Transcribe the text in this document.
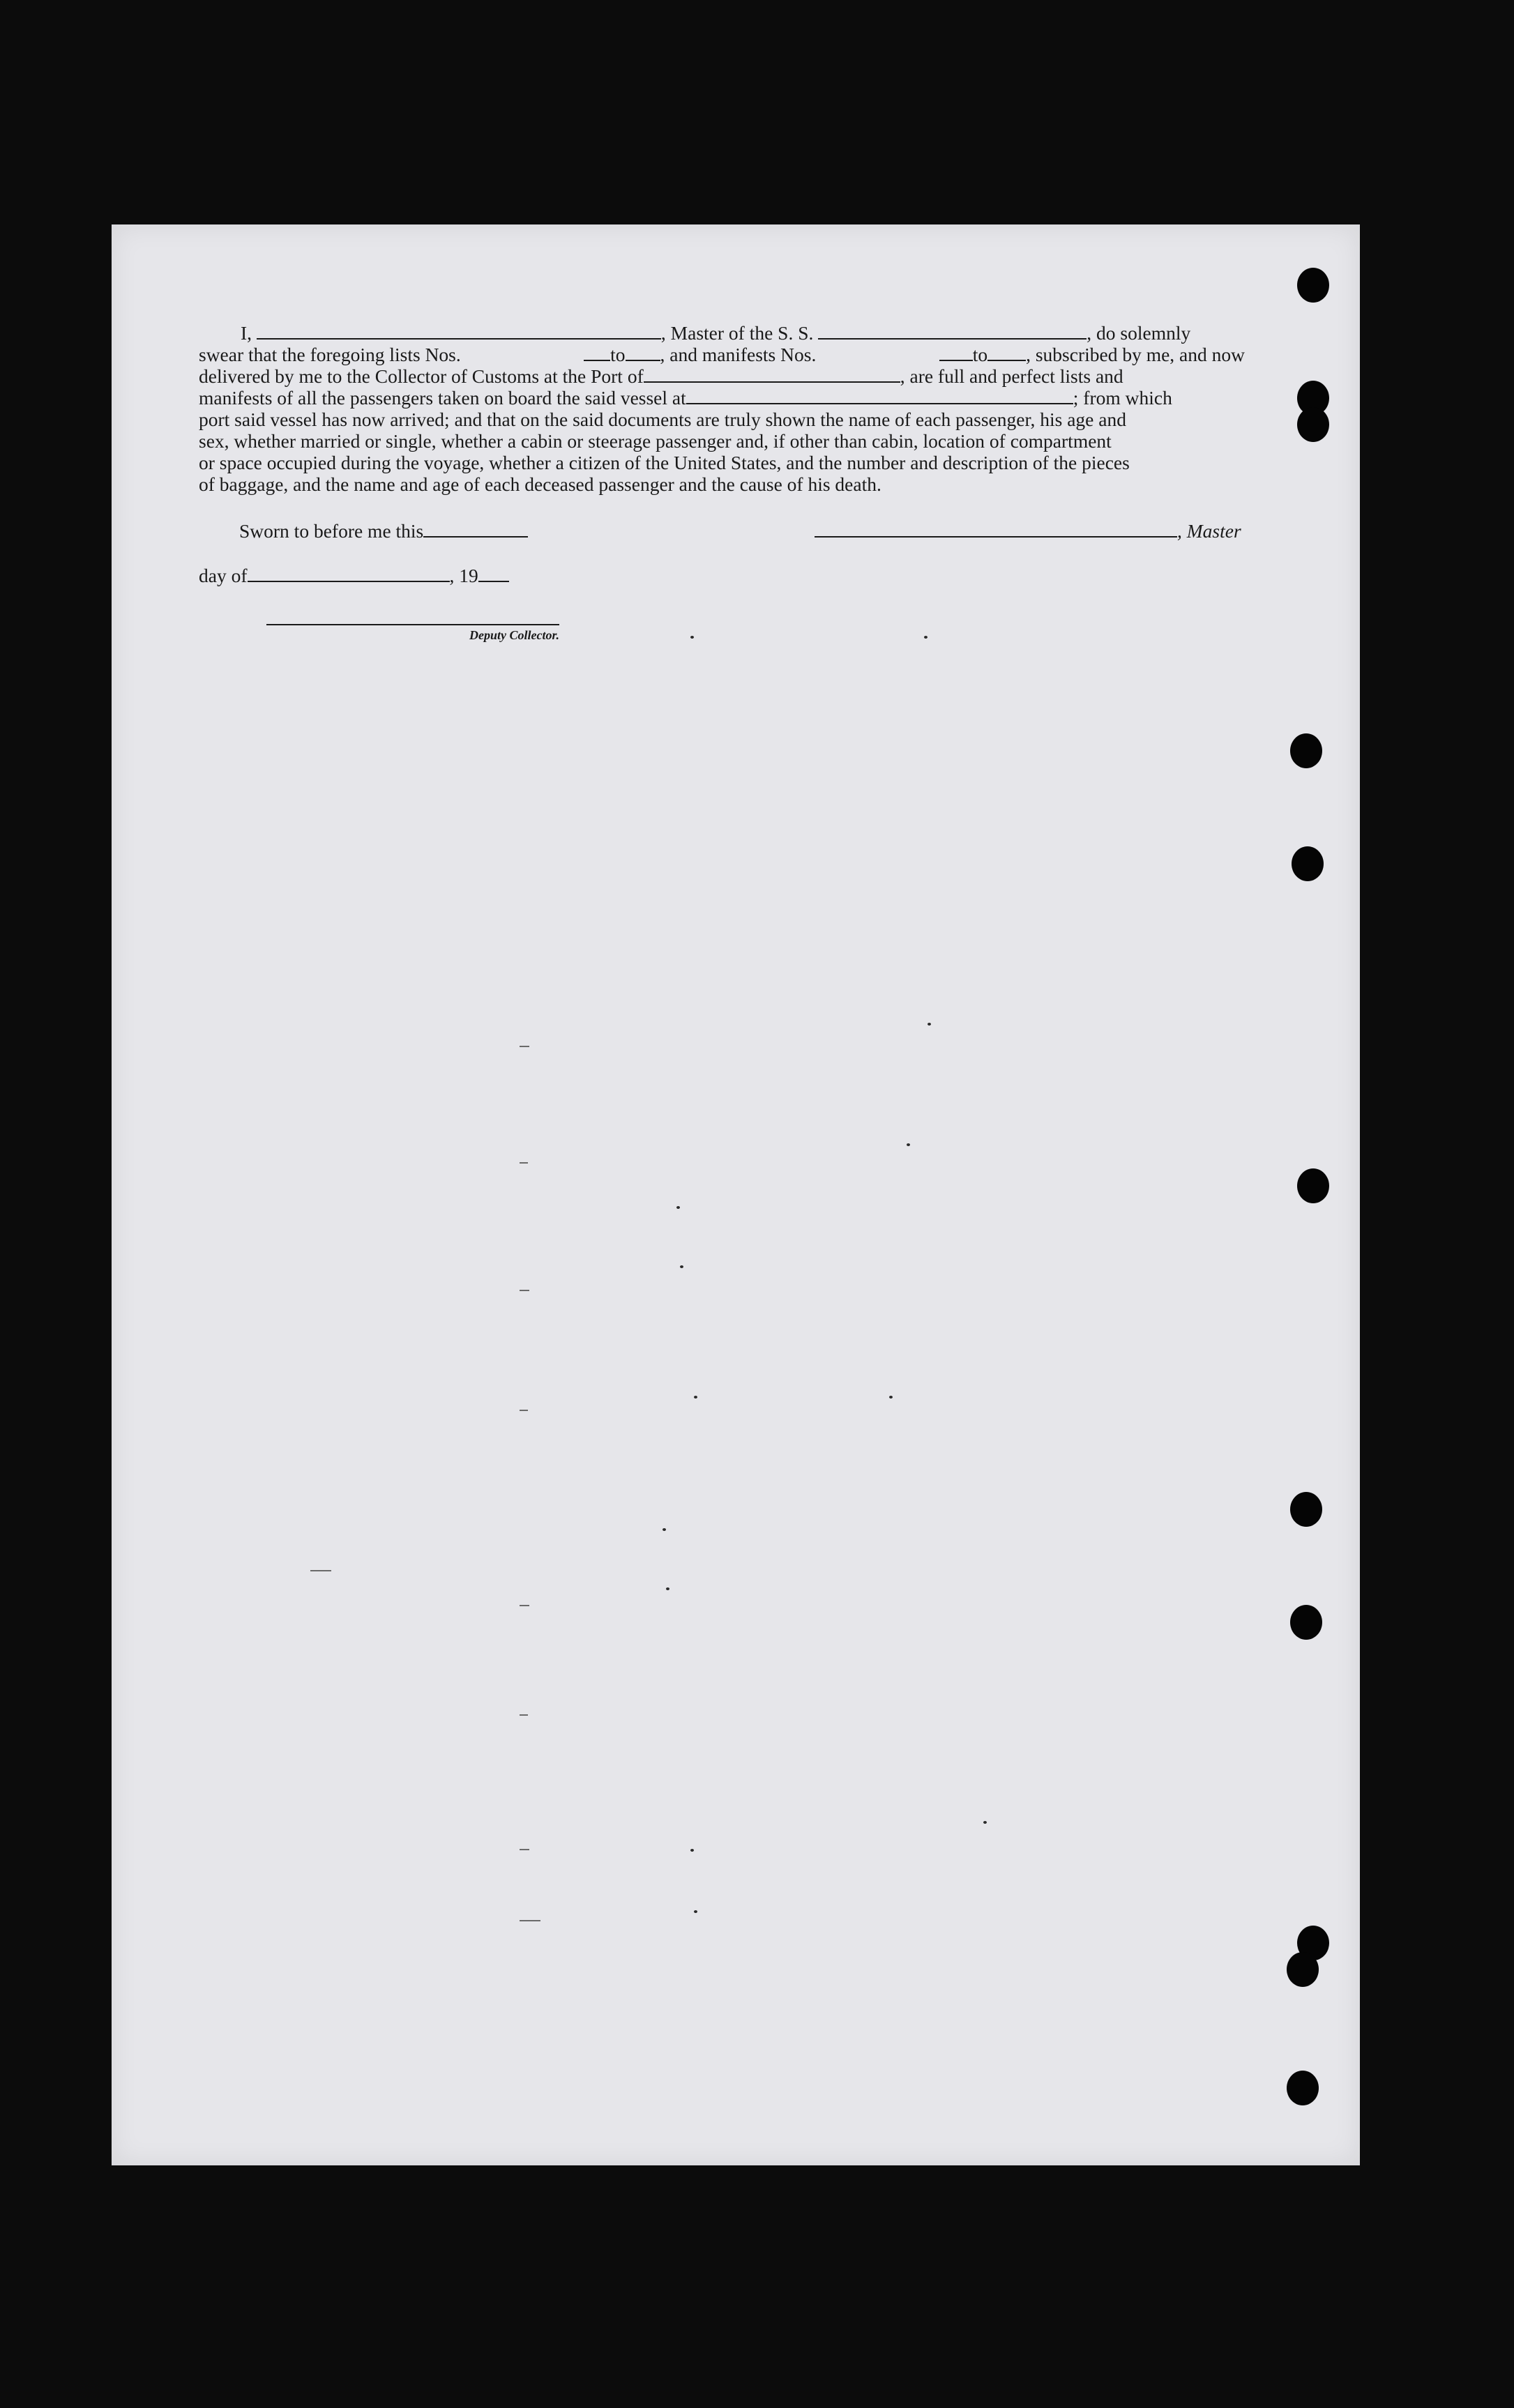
I,	, Master of the S. S.	, do solemnly
swear that the foregoing lists Nos.	to , and manifests Nos.	to , subscribed by me, and now
delivered by me to the Collector of Customs at the Port of	, are full and perfect lists and
manifests of all the passengers taken on board the said vessel at	; from which
port said vessel has now arrived; and that on the said documents are truly shown the name of each passenger, his age and
sex, whether married or single, whether a cabin or steerage passenger and, if other than cabin, location of compartment
or space occupied during the voyage, whether a citizen of the United States, and the number and description of the pieces
of baggage, and the name and age of each deceased passenger and the cause of his death.
Sworn to before me this	, Master
day of	, 19
Deputy Collector.
